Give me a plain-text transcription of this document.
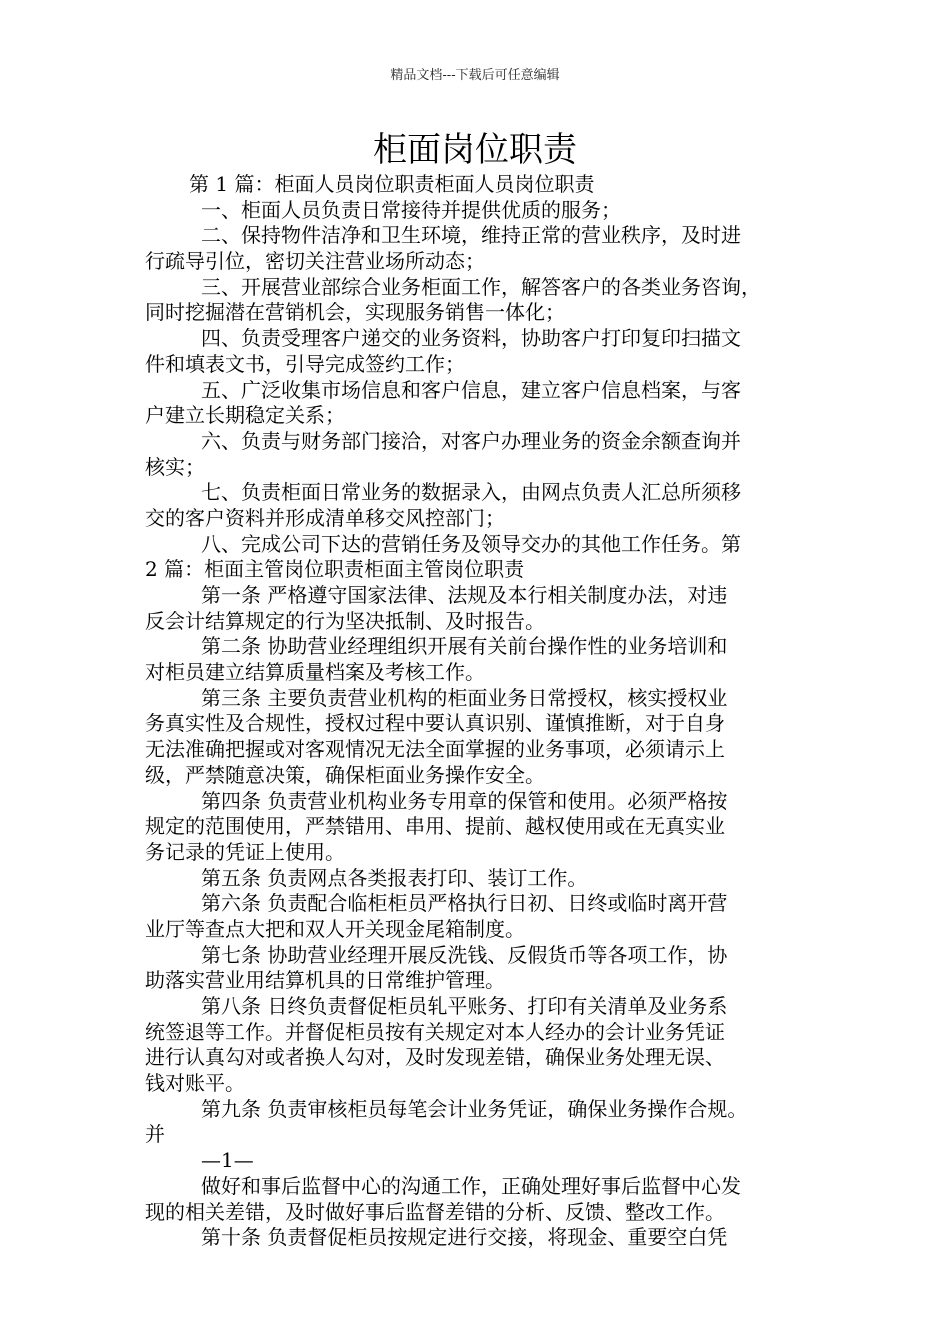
精品文档---下载后可任意编辑
柜面岗位职责
第 1 篇：柜面人员岗位职责柜面人员岗位职责
一、柜面人员负责日常接待并提供优质的服务；
二、保持物件洁净和卫生环境，维持正常的营业秩序，及时进
行疏导引位，密切关注营业场所动态；
三、开展营业部综合业务柜面工作，解答客户的各类业务咨询，
同时挖掘潜在营销机会，实现服务销售一体化；
四、负责受理客户递交的业务资料，协助客户打印复印扫描文
件和填表文书，引导完成签约工作；
五、广泛收集市场信息和客户信息，建立客户信息档案，与客
户建立长期稳定关系；
六、负责与财务部门接洽，对客户办理业务的资金余额查询并
核实；
七、负责柜面日常业务的数据录入，由网点负责人汇总所须移
交的客户资料并形成清单移交风控部门；
八、完成公司下达的营销任务及领导交办的其他工作任务。第
2 篇：柜面主管岗位职责柜面主管岗位职责
第一条 严格遵守国家法律、法规及本行相关制度办法，对违
反会计结算规定的行为坚决抵制、及时报告。
第二条 协助营业经理组织开展有关前台操作性的业务培训和
对柜员建立结算质量档案及考核工作。
第三条 主要负责营业机构的柜面业务日常授权，核实授权业
务真实性及合规性，授权过程中要认真识别、谨慎推断，对于自身
无法准确把握或对客观情况无法全面掌握的业务事项，必须请示上
级，严禁随意决策，确保柜面业务操作安全。
第四条 负责营业机构业务专用章的保管和使用。必须严格按
规定的范围使用，严禁错用、串用、提前、越权使用或在无真实业
务记录的凭证上使用。
第五条 负责网点各类报表打印、装订工作。
第六条 负责配合临柜柜员严格执行日初、日终或临时离开营
业厅等查点大把和双人开关现金尾箱制度。
第七条 协助营业经理开展反洗钱、反假货币等各项工作，协
助落实营业用结算机具的日常维护管理。
第八条 日终负责督促柜员轧平账务、打印有关清单及业务系
统签退等工作。并督促柜员按有关规定对本人经办的会计业务凭证
进行认真勾对或者换人勾对，及时发现差错，确保业务处理无误、
钱对账平。
第九条 负责审核柜员每笔会计业务凭证，确保业务操作合规。
并
—1—
做好和事后监督中心的沟通工作，正确处理好事后监督中心发
现的相关差错，及时做好事后监督差错的分析、反馈、整改工作。
第十条 负责督促柜员按规定进行交接，将现金、重要空白凭
